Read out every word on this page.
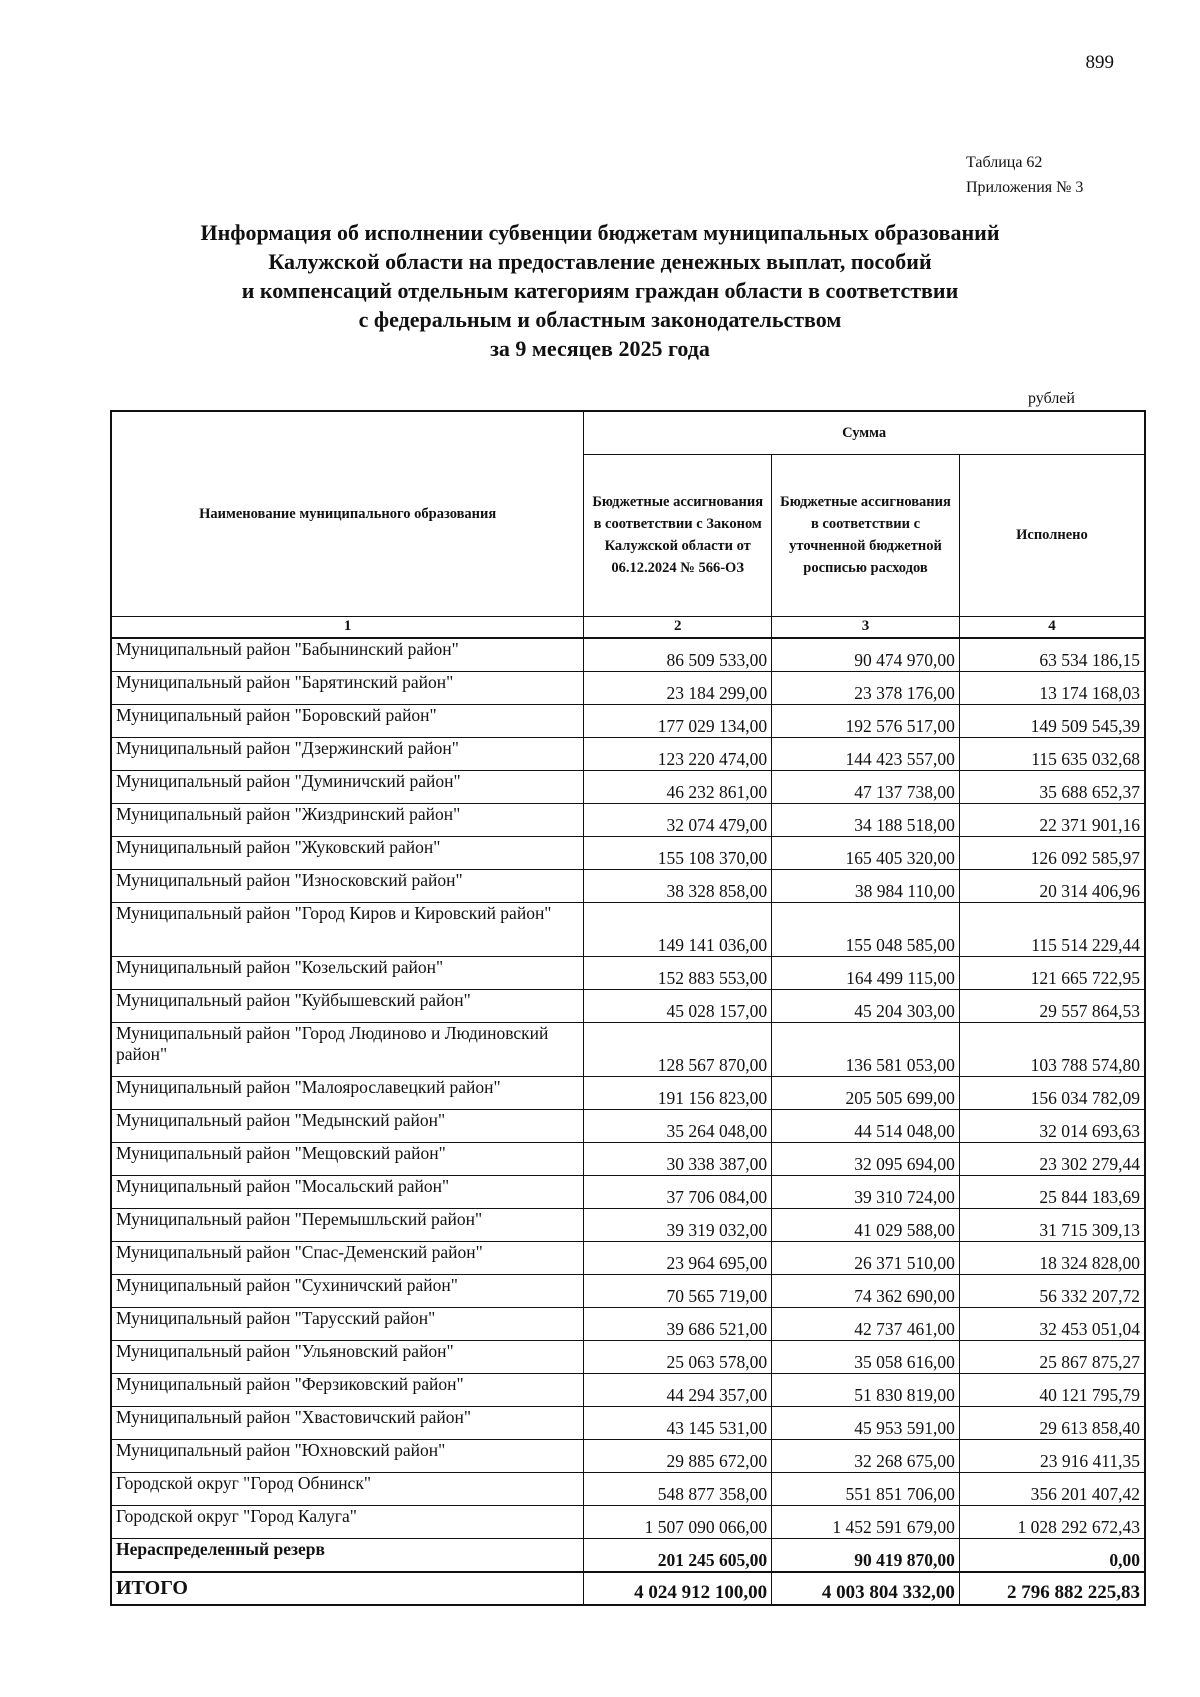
899
Таблица 62
Приложения № 3
Информация об исполнении субвенции бюджетам муниципальных образований
Калужской области на предоставление денежных выплат, пособий
и компенсаций отдельным категориям граждан области в соответствии
с федеральным и областным законодательством
за 9 месяцев 2025 года
рублей
Наименование муниципального образования	Сумма		
	Бюджетные ассигнования в соответствии с Законом Калужской области от 06.12.2024 № 566-ОЗ	Бюджетные ассигнования в соответствии с уточненной бюджетной росписью расходов	Исполнено
1	2	3	4
Муниципальный район "Бабынинский район"	86 509 533,00	90 474 970,00	63 534 186,15
Муниципальный район "Барятинский район"	23 184 299,00	23 378 176,00	13 174 168,03
Муниципальный район "Боровский район"	177 029 134,00	192 576 517,00	149 509 545,39
Муниципальный район "Дзержинский район"	123 220 474,00	144 423 557,00	115 635 032,68
Муниципальный район "Думиничский район"	46 232 861,00	47 137 738,00	35 688 652,37
Муниципальный район "Жиздринский район"	32 074 479,00	34 188 518,00	22 371 901,16
Муниципальный район "Жуковский район"	155 108 370,00	165 405 320,00	126 092 585,97
Муниципальный район "Износковский район"	38 328 858,00	38 984 110,00	20 314 406,96
Муниципальный район "Город Киров и Кировский район"	149 141 036,00	155 048 585,00	115 514 229,44
Муниципальный район "Козельский район"	152 883 553,00	164 499 115,00	121 665 722,95
Муниципальный район "Куйбышевский район"	45 028 157,00	45 204 303,00	29 557 864,53
Муниципальный район "Город Людиново и Людиновский район"	128 567 870,00	136 581 053,00	103 788 574,80
Муниципальный район "Малоярославецкий район"	191 156 823,00	205 505 699,00	156 034 782,09
Муниципальный район "Медынский район"	35 264 048,00	44 514 048,00	32 014 693,63
Муниципальный район "Мещовский район"	30 338 387,00	32 095 694,00	23 302 279,44
Муниципальный район "Мосальский район"	37 706 084,00	39 310 724,00	25 844 183,69
Муниципальный район "Перемышльский район"	39 319 032,00	41 029 588,00	31 715 309,13
Муниципальный район "Спас-Деменский район"	23 964 695,00	26 371 510,00	18 324 828,00
Муниципальный район "Сухиничский район"	70 565 719,00	74 362 690,00	56 332 207,72
Муниципальный район "Тарусский район"	39 686 521,00	42 737 461,00	32 453 051,04
Муниципальный район "Ульяновский район"	25 063 578,00	35 058 616,00	25 867 875,27
Муниципальный район "Ферзиковский район"	44 294 357,00	51 830 819,00	40 121 795,79
Муниципальный район "Хвастовичский район"	43 145 531,00	45 953 591,00	29 613 858,40
Муниципальный район "Юхновский район"	29 885 672,00	32 268 675,00	23 916 411,35
Городской округ "Город Обнинск"	548 877 358,00	551 851 706,00	356 201 407,42
Городской округ "Город Калуга"	1 507 090 066,00	1 452 591 679,00	1 028 292 672,43
Нераспределенный резерв	201 245 605,00	90 419 870,00	0,00
ИТОГО	4 024 912 100,00	4 003 804 332,00	2 796 882 225,83
